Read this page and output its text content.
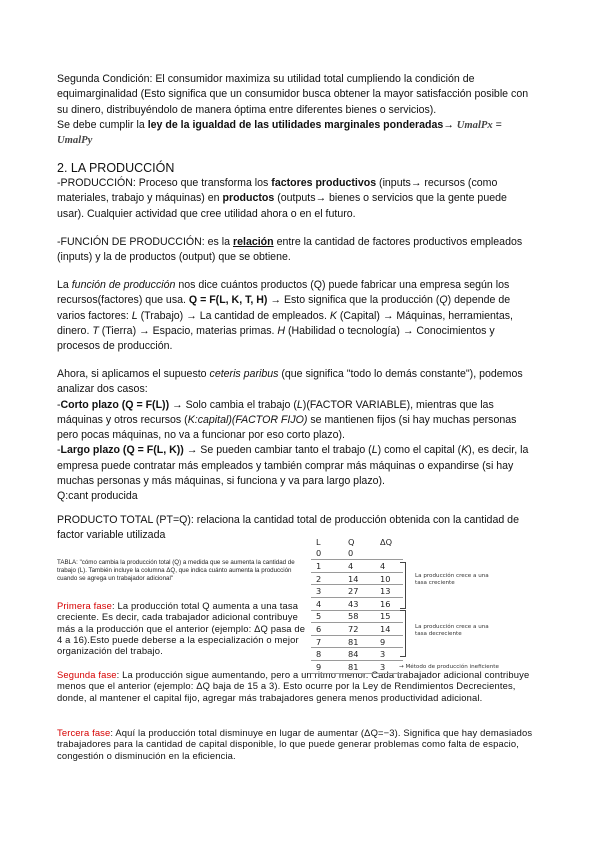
Segunda Condición: El consumidor maximiza su utilidad total cumpliendo la condición de equimarginalidad (Esto significa que un consumidor busca obtener la mayor satisfacción posible con su dinero, distribuyéndolo de manera óptima entre diferentes bienes o servicios).
Se debe cumplir la ley de la igualdad de las utilidades marginales ponderadas→ UmalPx = UmalPy

2. LA PRODUCCIÓN

-PRODUCCIÓN: Proceso que transforma los factores productivos (inputs→ recursos (como materiales, trabajo y máquinas) en productos (outputs→ bienes o servicios que la gente puede usar). Cualquier actividad que cree utilidad ahora o en el futuro.

-FUNCIÓN DE PRODUCCIÓN: es la relación entre la cantidad de factores productivos empleados (inputs) y la de productos (output) que se obtiene.

La función de producción nos dice cuántos productos (Q) puede fabricar una empresa según los recursos(factores) que usa. Q = F(L, K, T, H) → Esto significa que la producción (Q) depende de varios factores: L (Trabajo) → La cantidad de empleados. K (Capital) → Máquinas, herramientas, dinero. T (Tierra) → Espacio, materias primas. H (Habilidad o tecnología) → Conocimientos y procesos de producción.

Ahora, si aplicamos el supuesto ceteris paribus (que significa "todo lo demás constante"), podemos analizar dos casos:

-Corto plazo (Q = F(L)) → Solo cambia el trabajo (L)(FACTOR VARIABLE), mientras que las máquinas y otros recursos (K:capital)(FACTOR FIJO) se mantienen fijos (si hay muchas personas pero pocas máquinas, no va a funcionar por eso corto plazo).

-Largo plazo (Q = F(L, K)) → Se pueden cambiar tanto el trabajo (L) como el capital (K), es decir, la empresa puede contratar más empleados y también comprar más máquinas o expandirse (si hay muchas personas y más máquinas, si funciona y va para largo plazo).

Q:cant producida

PRODUCTO TOTAL (PT=Q): relaciona la cantidad total de producción obtenida con la cantidad de factor variable utilizada
TABLA: "cómo cambia la producción total (Q) a medida que se aumenta la cantidad de trabajo (L). También incluye la columna ΔQ, que indica cuánto aumenta la producción cuando se agrega un trabajador adicional"
Primera fase: La producción total Q aumenta a una tasa creciente. Es decir, cada trabajador adicional contribuye más a la producción que el anterior (ejemplo: ΔQ pasa de 4 a 16).Esto puede deberse a la especialización o mejor organización del trabajo.
Segunda fase: La producción sigue aumentando, pero a un ritmo menor. Cada trabajador adicional contribuye menos que el anterior (ejemplo: ΔQ baja de 15 a 3). Esto ocurre por la Ley de Rendimientos Decrecientes, donde, al mantener el capital fijo, agregar más trabajadores genera menos productividad adicional.
Tercera fase: Aquí la producción total disminuye en lugar de aumentar (ΔQ=−3). Significa que hay demasiados trabajadores para la cantidad de capital disponible, lo que puede generar problemas como falta de espacio, congestión o disminución en la eficiencia.
L	Q	ΔQ
0	0	
1	4	4
2	14	10
3	27	13
4	43	16
5	58	15
6	72	14
7	81	9
8	84	3
9	81	3
La producción crece a una tasa creciente
La producción crece a una tasa decreciente
→ Método de producción ineficiente
